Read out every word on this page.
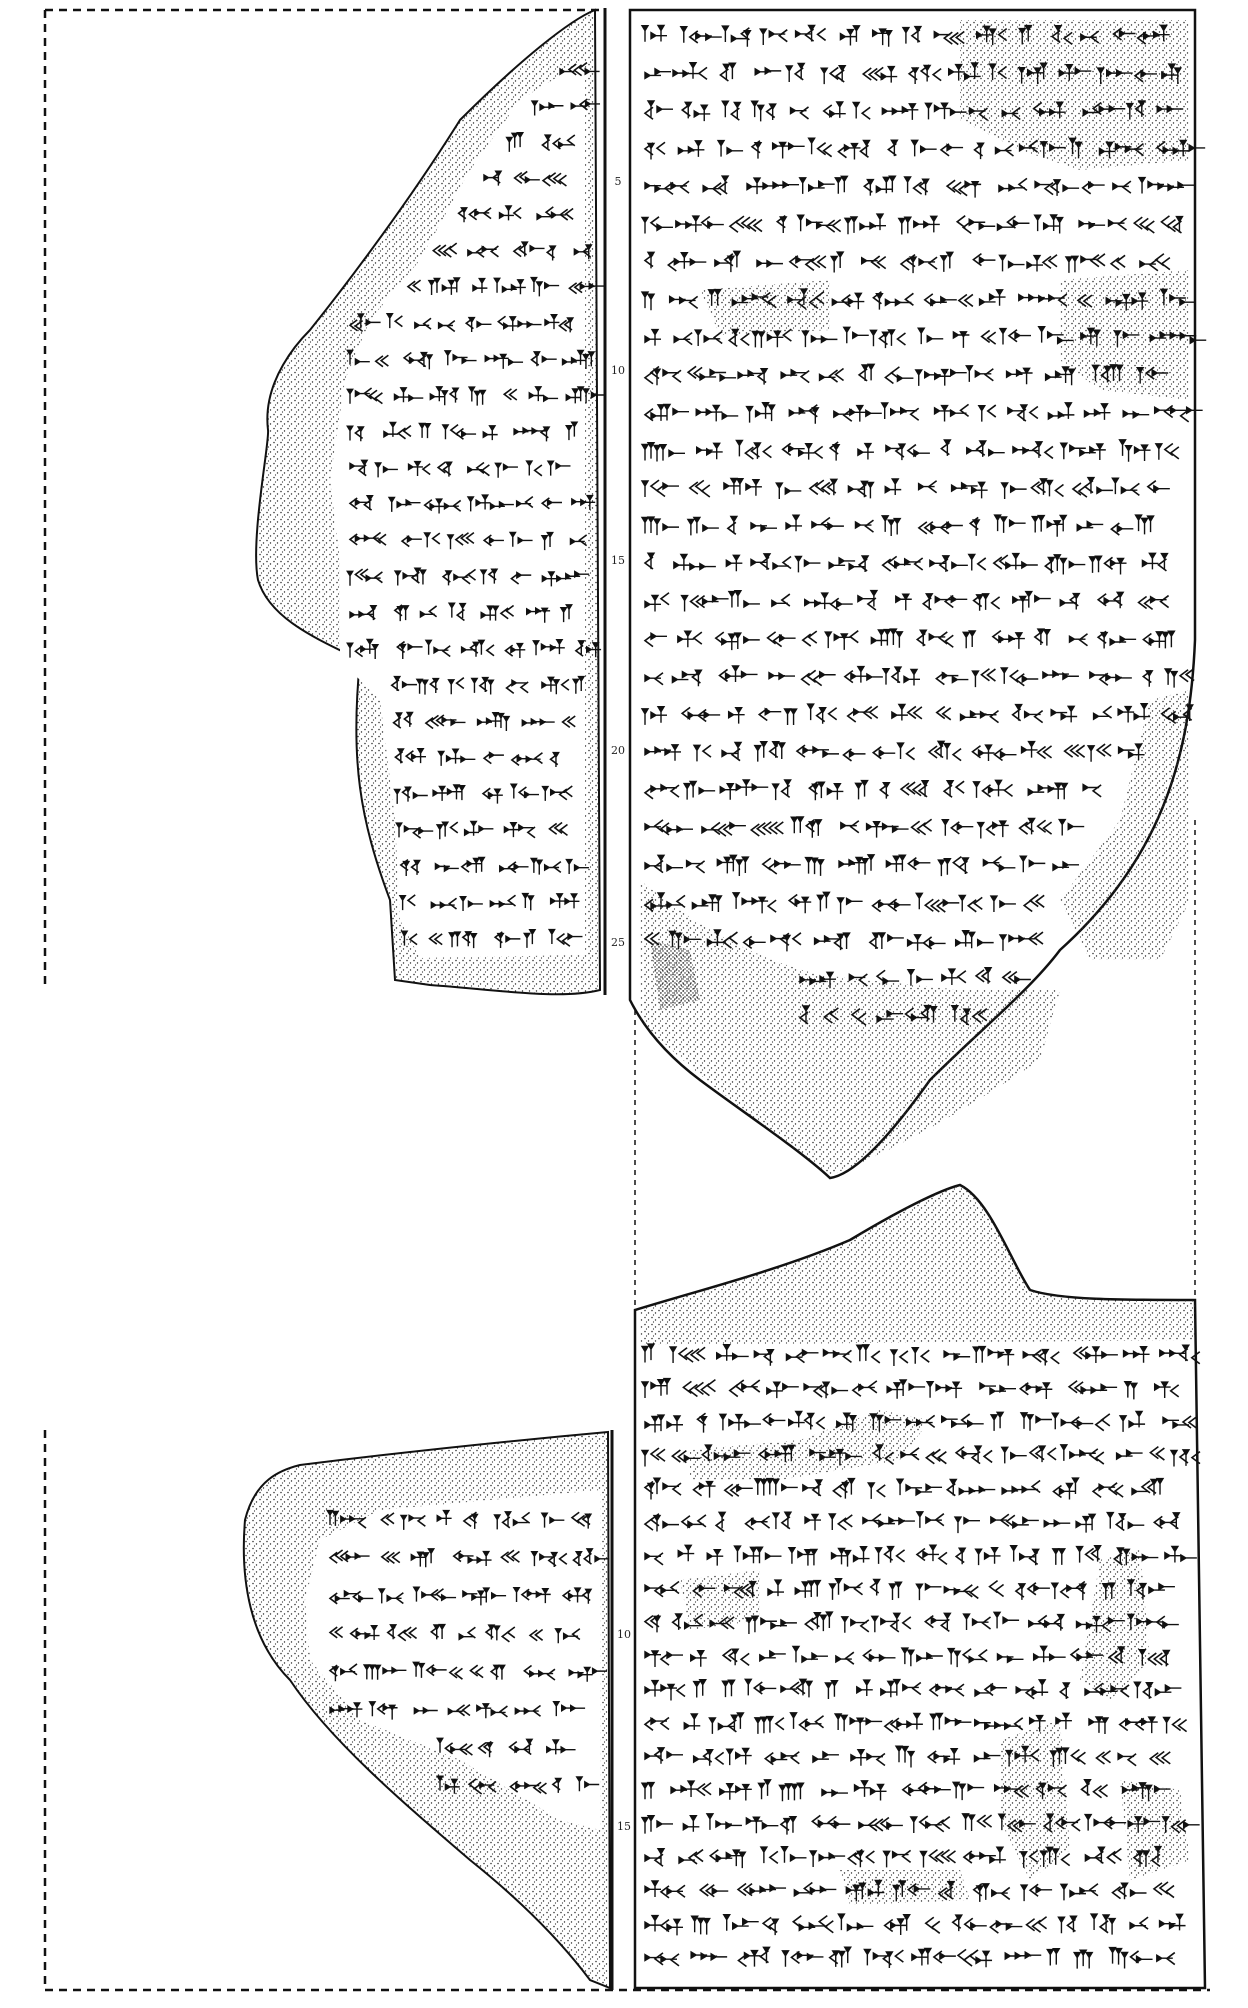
5
10
15
20
25
10
15
